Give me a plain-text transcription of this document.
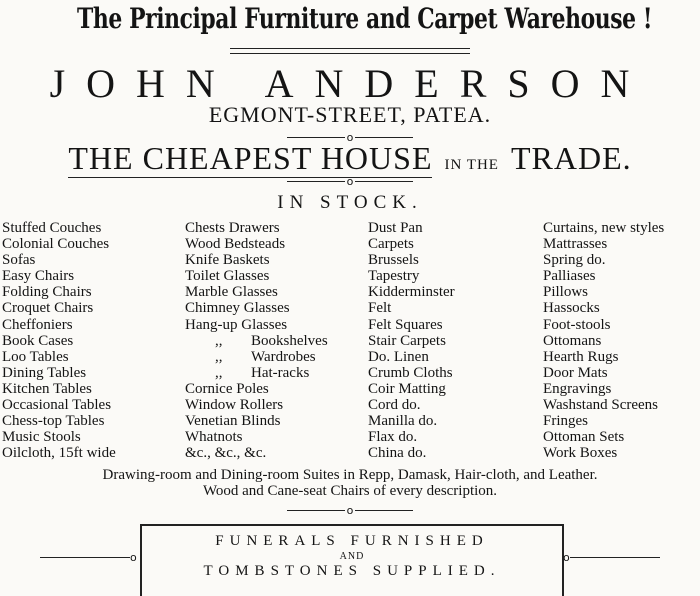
The Principal Furniture and Carpet Warehouse !
JOHN ANDERSON
EGMONT-STREET, PATEA.
o
THE CHEAPEST HOUSE IN THE TRADE.
o
IN STOCK.
Stuffed Couches
Colonial Couches
Sofas
Easy Chairs
Folding Chairs
Croquet Chairs
Cheffoniers
Book Cases
Loo Tables
Dining Tables
Kitchen Tables
Occasional Tables
Chess-top Tables
Music Stools
Oilcloth, 15ft wide
Chests Drawers
Wood Bedsteads
Knife Baskets
Toilet Glasses
Marble Glasses
Chimney Glasses
Hang-up Glasses
,, Bookshelves
,, Wardrobes
,, Hat-racks
Cornice Poles
Window Rollers
Venetian Blinds
Whatnots
&c., &c., &c.
Dust Pan
Carpets
Brussels
Tapestry
Kidderminster
Felt
Felt Squares
Stair Carpets
Do. Linen
Crumb Cloths
Coir Matting
Cord do.
Manilla do.
Flax do.
China do.
Curtains, new styles
Mattrasses
Spring do.
Palliases
Pillows
Hassocks
Foot-stools
Ottomans
Hearth Rugs
Door Mats
Engravings
Washstand Screens
Fringes
Ottoman Sets
Work Boxes
Drawing-room and Dining-room Suites in Repp, Damask, Hair-cloth, and Leather.
Wood and Cane-seat Chairs of every description.
o
o	o
FUNERALS FURNISHED
AND
TOMBSTONES SUPPLIED.
